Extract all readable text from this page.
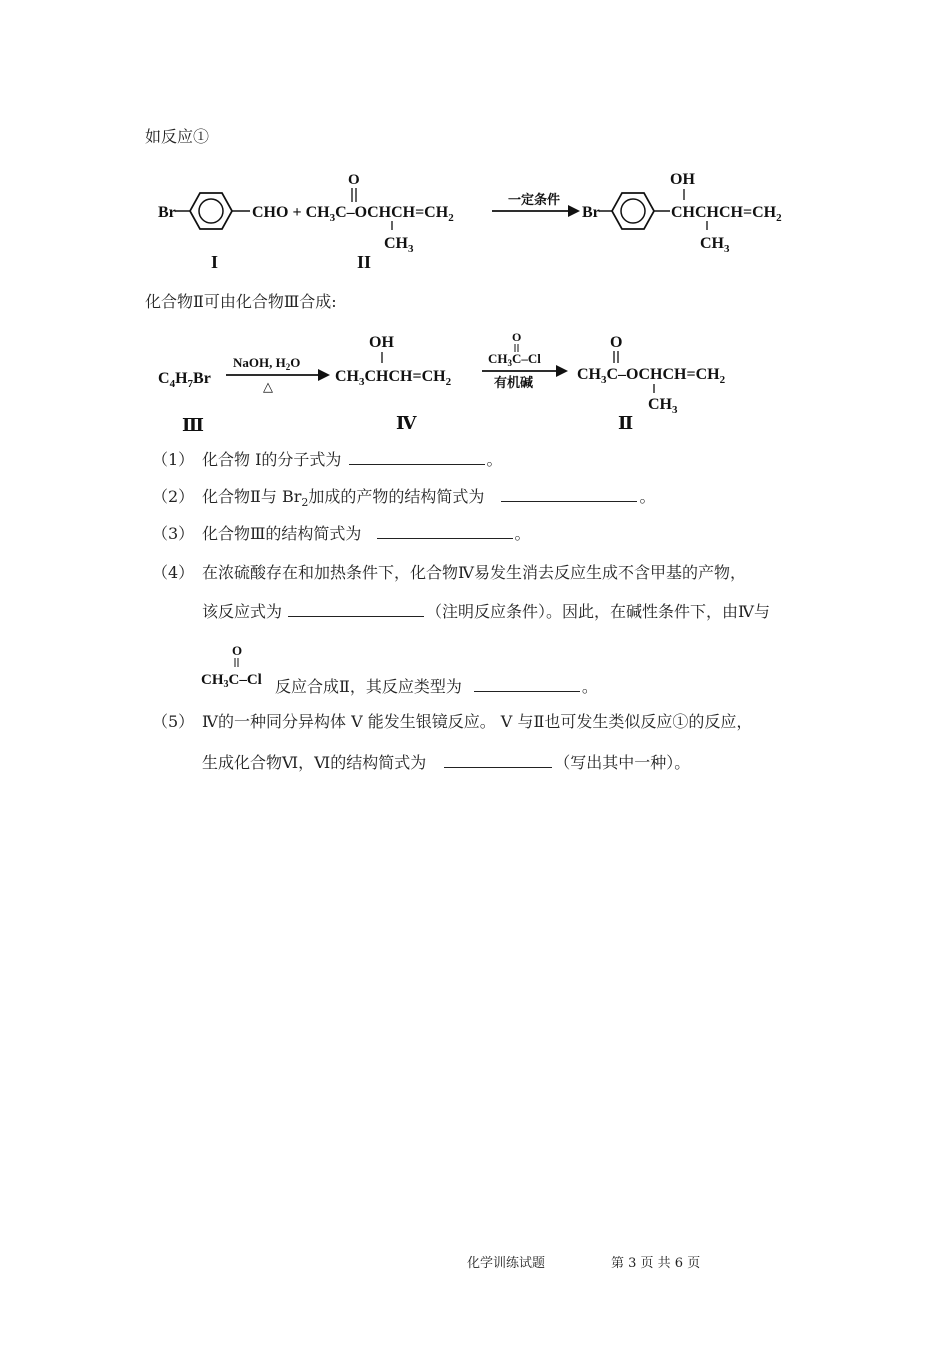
如反应①
Br	CHO + $CH_3C-OCHCH=CH_2$
O
$CH_3$
一定条件
Br
OH
$CHCHCH=CH_2$
$CH_3$
I	II
化合物Ⅱ可由化合物Ⅲ合成:
$C_4H_7Br$
NaOH, $H_2O$
△
OH
$CH_3CHCH=CH_2$
O
$CH_3C-Cl$
有机碱
O
$CH_3C-OCHCH=CH_2$
$CH_3$
Ⅲ	Ⅳ	Ⅱ
（1） 化合物 Ⅰ的分子式为	。
（2） 化合物Ⅱ与 $Br_2$加成的产物的结构简式为	。
（3） 化合物Ⅲ的结构简式为	。
（4） 在浓硫酸存在和加热条件下，化合物Ⅳ易发生消去反应生成不含甲基的产物，
该反应式为	（注明反应条件）。因此，在碱性条件下，由Ⅳ与
O
$CH_3C-Cl$ 反应合成Ⅱ，其反应类型为	。
（5） Ⅳ的一种同分异构体 Ⅴ 能发生银镜反应。 Ⅴ 与Ⅱ也可发生类似反应①的反应，
生成化合物Ⅵ，Ⅵ的结构简式为	（写出其中一种）。
化学训练试题	第 3 页 共 6 页
